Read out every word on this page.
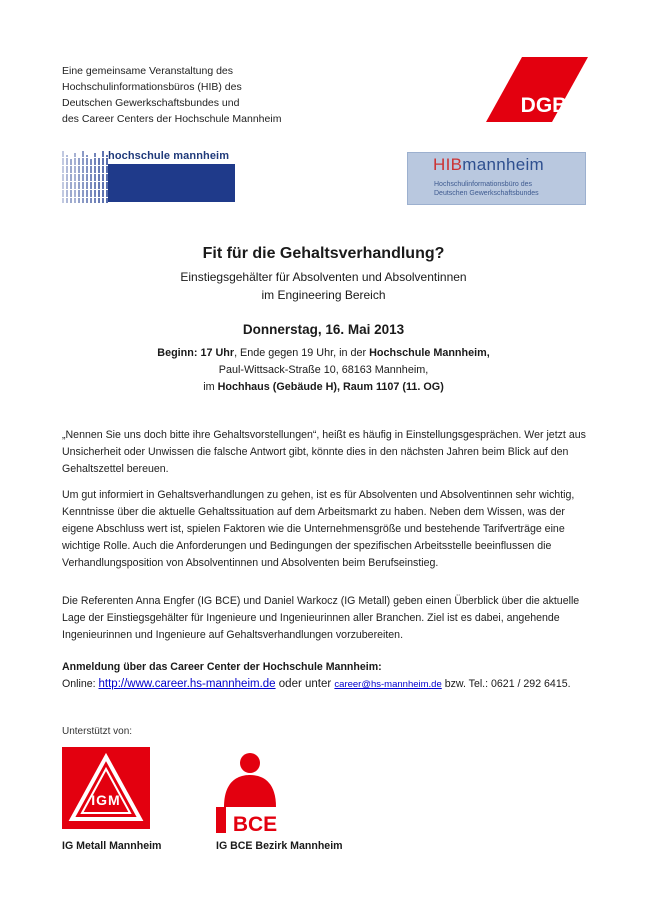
Eine gemeinsame Veranstaltung des
Hochschulinformationsbüros (HIB) des
Deutschen Gewerkschaftsbundes und
des Career Centers der Hochschule Mannheim
DGB
hochschule mannheim	HIBmannheim
Hochschulinformationsbüro des
Deutschen Gewerkschaftsbundes
Fit für die Gehaltsverhandlung?
Einstiegsgehälter für Absolventen und Absolventinnen
im Engineering Bereich
Donnerstag, 16. Mai 2013
Beginn: 17 Uhr, Ende gegen 19 Uhr, in der Hochschule Mannheim,
Paul-Wittsack-Straße 10, 68163 Mannheim,
im Hochhaus (Gebäude H), Raum 1107 (11. OG)
„Nennen Sie uns doch bitte ihre Gehaltsvorstellungen“, heißt es häufig in Einstellungsgesprächen. Wer jetzt aus Unsicherheit oder Unwissen die falsche Antwort gibt, könnte dies in den nächsten Jahren beim Blick auf den Gehaltszettel bereuen.
Um gut informiert in Gehaltsverhandlungen zu gehen, ist es für Absolventen und Absolventinnen sehr wichtig, Kenntnisse über die aktuelle Gehaltssituation auf dem Arbeitsmarkt zu haben. Neben dem Wissen, was der eigene Abschluss wert ist, spielen Faktoren wie die Unternehmensgröße und bestehende Tarifverträge eine wichtige Rolle. Auch die Anforderungen und Bedingungen der spezifischen Arbeitsstelle beeinflussen die Verhandlungsposition von Absolventinnen und Absolventen beim Berufseinstieg.
Die Referenten Anna Engfer (IG BCE) und Daniel Warkocz (IG Metall) geben einen Überblick über die aktuelle Lage der Einstiegsgehälter für Ingenieure und Ingenieurinnen aller Branchen. Ziel ist es dabei, angehende Ingenieurinnen und Ingenieure auf Gehaltsverhandlungen vorzubereiten.
Anmeldung über das Career Center der Hochschule Mannheim:
Online: http://www.career.hs-mannheim.de oder unter career@hs-mannheim.de bzw. Tel.: 0621 / 292 6415.
Unterstützt von:
IGM
IG Metall Mannheim
IG
BCE
IG BCE Bezirk Mannheim
